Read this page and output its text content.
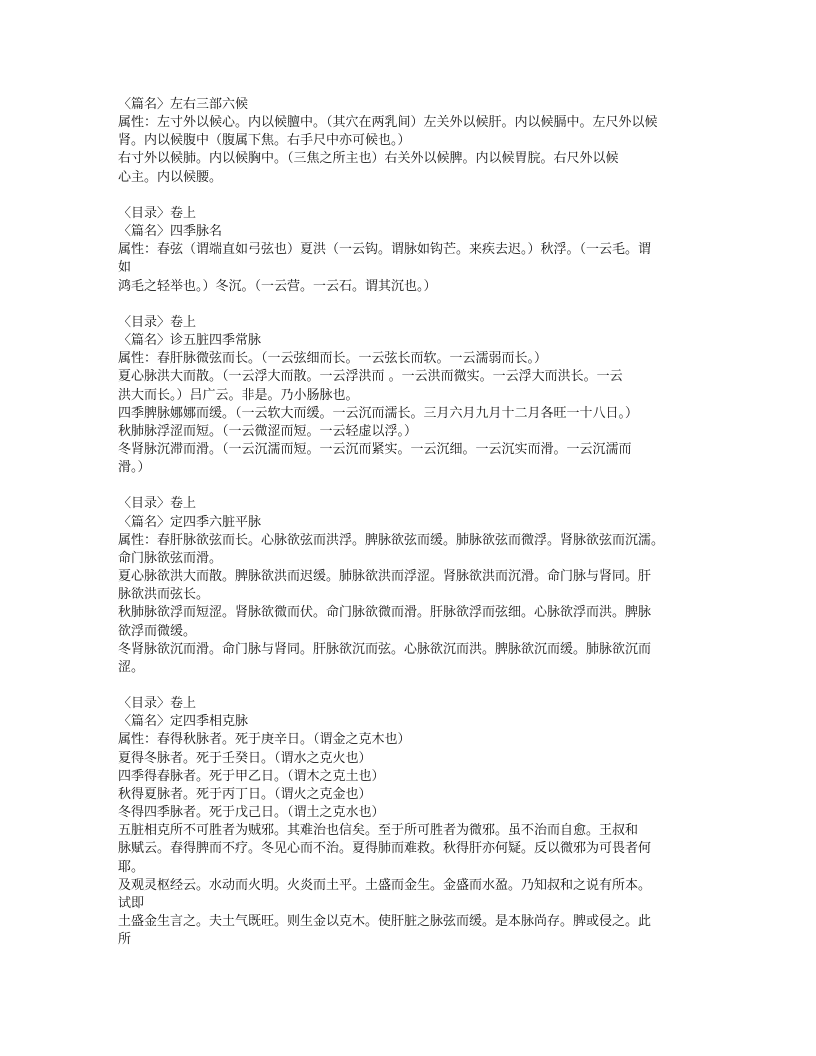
〈篇名〉左右三部六候
属性：左寸外以候心。内以候膻中。（其穴在两乳间）左关外以候肝。内以候膈中。左尺外以候
肾。内以候腹中（腹属下焦。右手尺中亦可候也。）
右寸外以候肺。内以候胸中。（三焦之所主也）右关外以候脾。内以候胃脘。右尺外以候
心主。内以候腰。
〈目录〉卷上
〈篇名〉四季脉名
属性：春弦（谓端直如弓弦也）夏洪（一云钩。谓脉如钩芒。来疾去迟。）秋浮。（一云毛。谓
如
鸿毛之轻举也。）冬沉。（一云营。一云石。谓其沉也。）
〈目录〉卷上
〈篇名〉诊五脏四季常脉
属性：春肝脉微弦而长。（一云弦细而长。一云弦长而软。一云濡弱而长。）
夏心脉洪大而散。（一云浮大而散。一云浮洪而 。一云洪而微实。一云浮大而洪长。一云
洪大而长。）吕广云。非是。乃小肠脉也。
四季脾脉娜娜而缓。（一云软大而缓。一云沉而濡长。三月六月九月十二月各旺一十八日。）
秋肺脉浮涩而短。（一云微涩而短。一云轻虚以浮。）
冬肾脉沉滞而滑。（一云沉濡而短。一云沉而紧实。一云沉细。一云沉实而滑。一云沉濡而
滑。）
〈目录〉卷上
〈篇名〉定四季六脏平脉
属性：春肝脉欲弦而长。心脉欲弦而洪浮。脾脉欲弦而缓。肺脉欲弦而微浮。肾脉欲弦而沉濡。
命门脉欲弦而滑。
夏心脉欲洪大而散。脾脉欲洪而迟缓。肺脉欲洪而浮涩。肾脉欲洪而沉滑。命门脉与肾同。肝
脉欲洪而弦长。
秋肺脉欲浮而短涩。肾脉欲微而伏。命门脉欲微而滑。肝脉欲浮而弦细。心脉欲浮而洪。脾脉
欲浮而微缓。
冬肾脉欲沉而滑。命门脉与肾同。肝脉欲沉而弦。心脉欲沉而洪。脾脉欲沉而缓。肺脉欲沉而
涩。
〈目录〉卷上
〈篇名〉定四季相克脉
属性：春得秋脉者。死于庚辛日。（谓金之克木也）
夏得冬脉者。死于壬癸日。（谓水之克火也）
四季得春脉者。死于甲乙日。（谓木之克土也）
秋得夏脉者。死于丙丁日。（谓火之克金也）
冬得四季脉者。死于戊己日。（谓土之克水也）
五脏相克所不可胜者为贼邪。其难治也信矣。至于所可胜者为微邪。虽不治而自愈。王叔和
脉赋云。春得脾而不疗。冬见心而不治。夏得肺而难救。秋得肝亦何疑。反以微邪为可畏者何
耶。
及观灵枢经云。水动而火明。火炎而土平。土盛而金生。金盛而水盈。乃知叔和之说有所本。
试即
土盛金生言之。夫土气既旺。则生金以克木。使肝脏之脉弦而缓。是本脉尚存。脾或侵之。此
所
